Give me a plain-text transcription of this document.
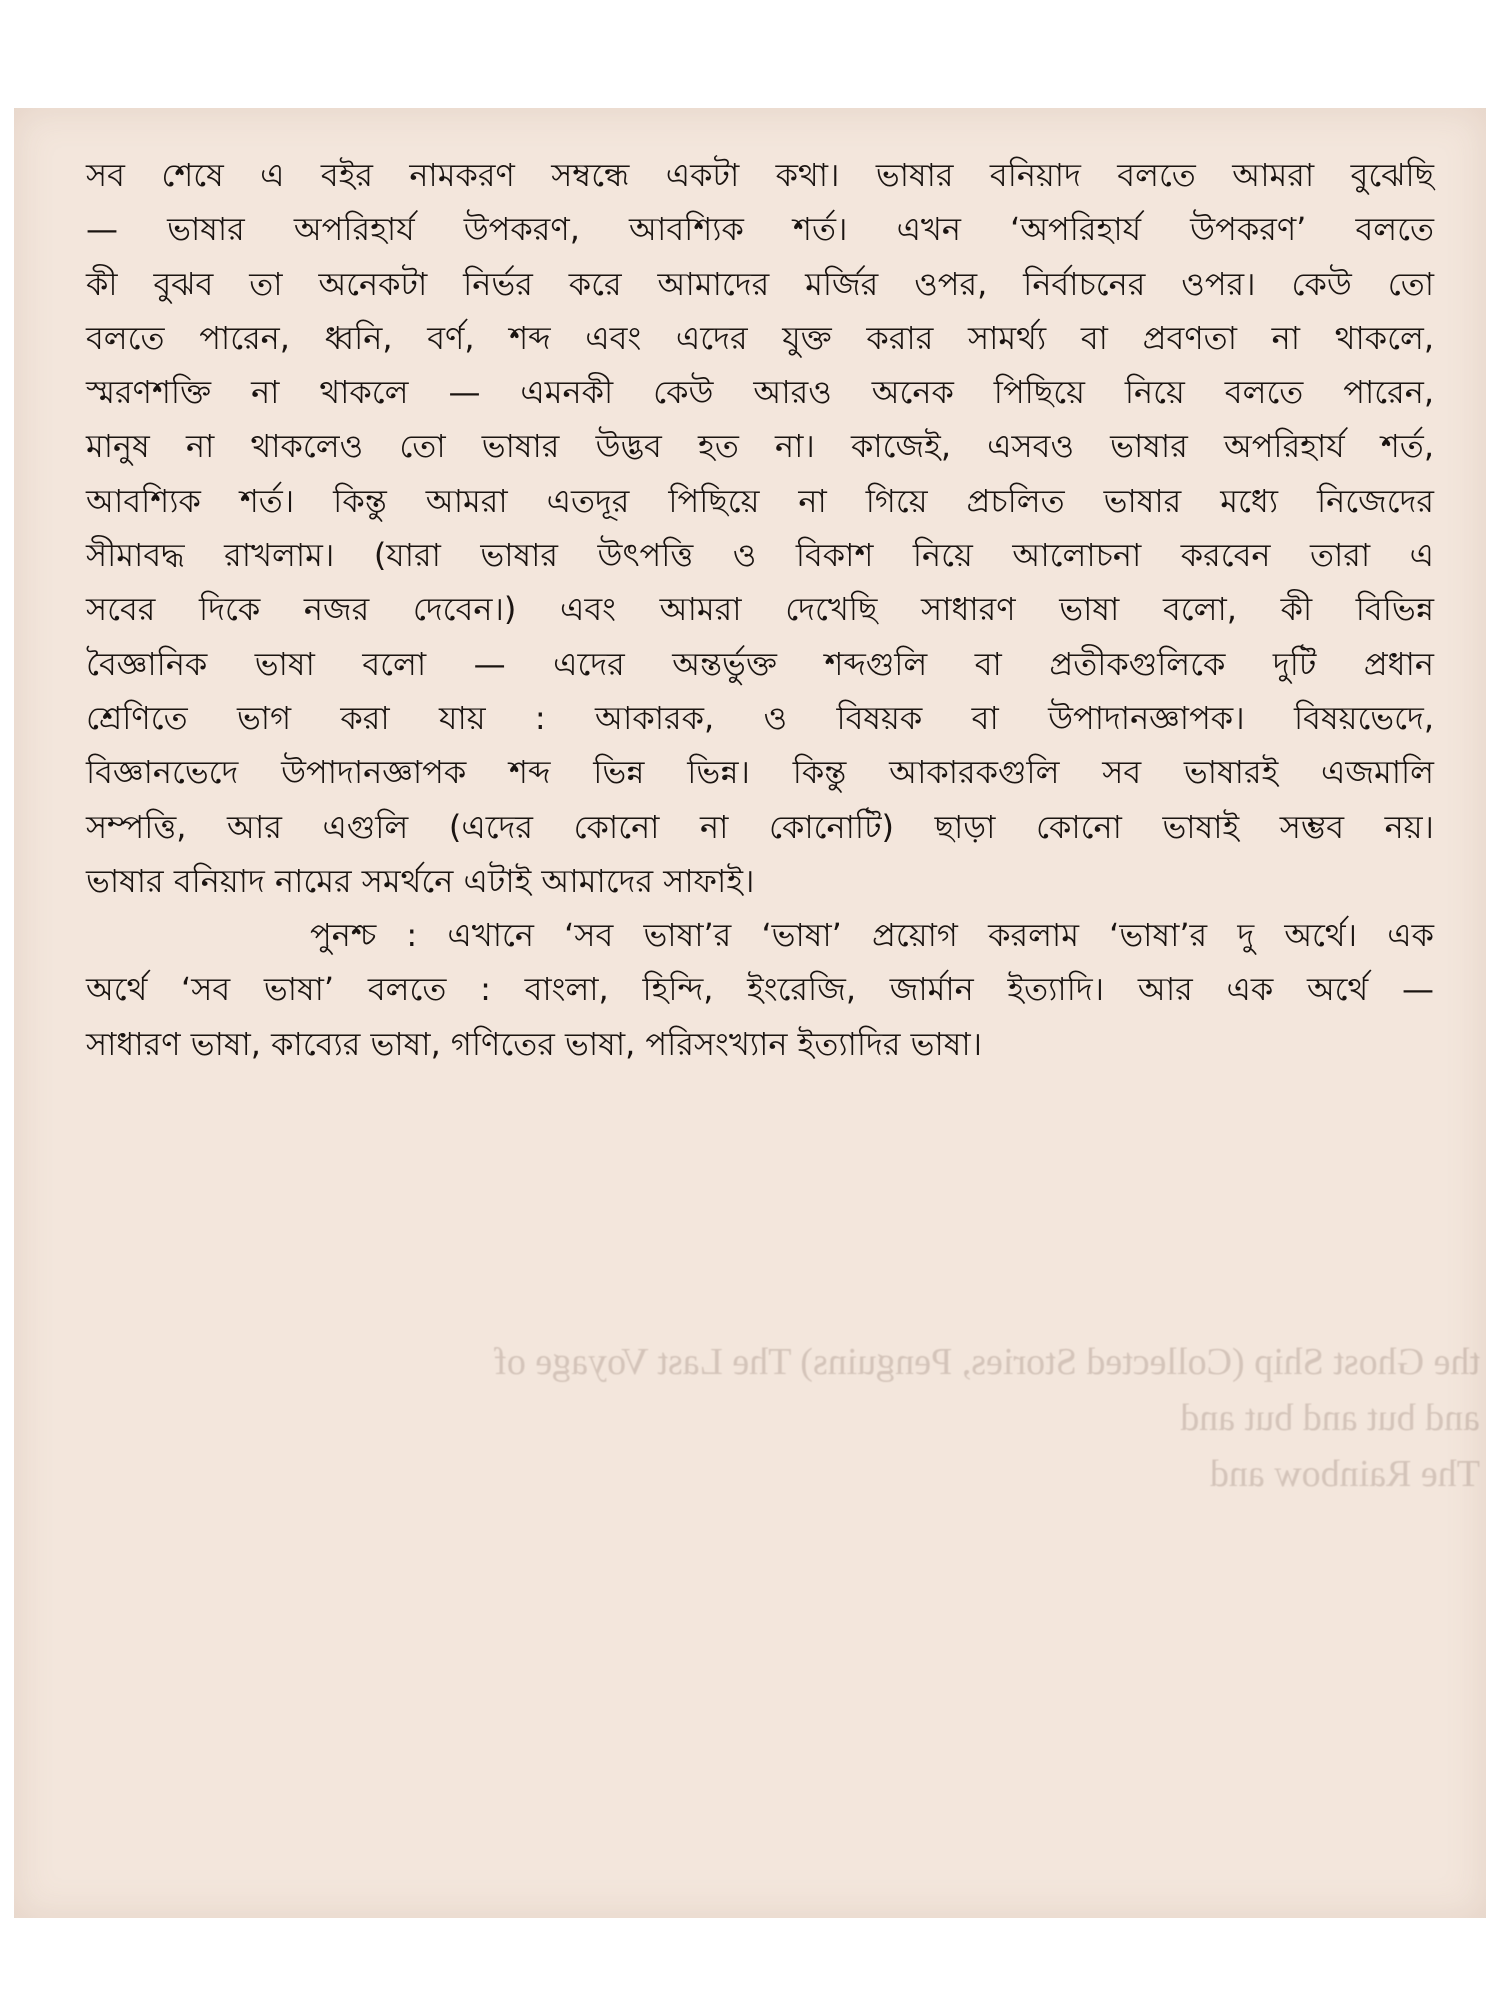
the Ghost Ship (Collected Stories, Penguins) The Last Voyage of
and but and but and
The Rainbow and
সব শেষে এ বইর নামকরণ সম্বন্ধে একটা কথা। ভাষার বনিয়াদ বলতে আমরা বুঝেছি
— ভাষার অপরিহার্য উপকরণ, আবশ্যিক শর্ত। এখন ‘অপরিহার্য উপকরণ’ বলতে
কী বুঝব তা অনেকটা নির্ভর করে আমাদের মর্জির ওপর, নির্বাচনের ওপর। কেউ তো
বলতে পারেন, ধ্বনি, বর্ণ, শব্দ এবং এদের যুক্ত করার সামর্থ্য বা প্রবণতা না থাকলে,
স্মরণশক্তি না থাকলে — এমনকী কেউ আরও অনেক পিছিয়ে নিয়ে বলতে পারেন,
মানুষ না থাকলেও তো ভাষার উদ্ভব হত না। কাজেই, এসবও ভাষার অপরিহার্য শর্ত,
আবশ্যিক শর্ত। কিন্তু আমরা এতদূর পিছিয়ে না গিয়ে প্রচলিত ভাষার মধ্যে নিজেদের
সীমাবদ্ধ রাখলাম। (যারা ভাষার উৎপত্তি ও বিকাশ নিয়ে আলোচনা করবেন তারা এ
সবের দিকে নজর দেবেন।) এবং আমরা দেখেছি সাধারণ ভাষা বলো, কী বিভিন্ন
বৈজ্ঞানিক ভাষা বলো — এদের অন্তর্ভুক্ত শব্দগুলি বা প্রতীকগুলিকে দুটি প্রধান
শ্রেণিতে ভাগ করা যায় : আকারক, ও বিষয়ক বা উপাদানজ্ঞাপক। বিষয়ভেদে,
বিজ্ঞানভেদে উপাদানজ্ঞাপক শব্দ ভিন্ন ভিন্ন। কিন্তু আকারকগুলি সব ভাষারই এজমালি
সম্পত্তি, আর এগুলি (এদের কোনো না কোনোটি) ছাড়া কোনো ভাষাই সম্ভব নয়।
ভাষার বনিয়াদ নামের সমর্থনে এটাই আমাদের সাফাই।
পুনশ্চ : এখানে ‘সব ভাষা’র ‘ভাষা’ প্রয়োগ করলাম ‘ভাষা’র দু অর্থে। এক
অর্থে ‘সব ভাষা’ বলতে : বাংলা, হিন্দি, ইংরেজি, জার্মান ইত্যাদি। আর এক অর্থে —
সাধারণ ভাষা, কাব্যের ভাষা, গণিতের ভাষা, পরিসংখ্যান ইত্যাদির ভাষা।
